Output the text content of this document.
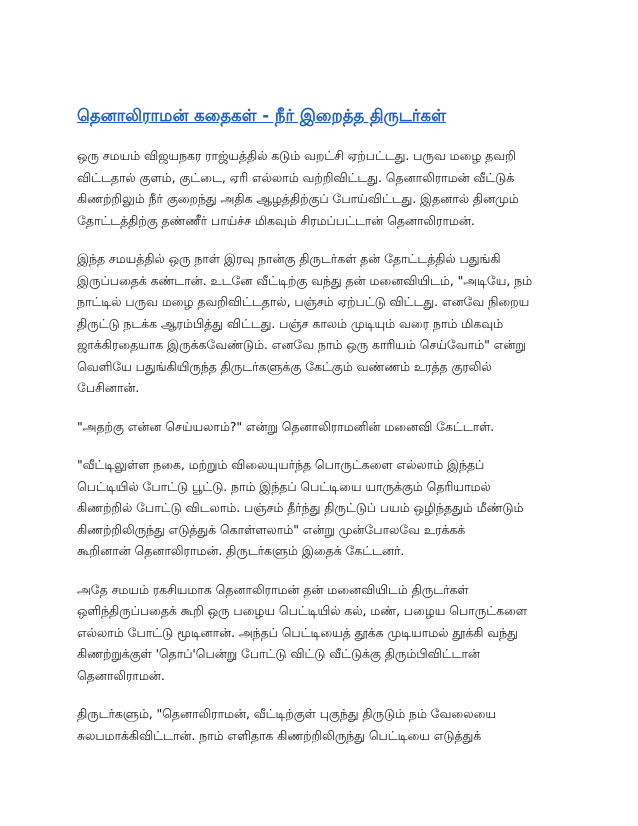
தெனாலிராமன் கதைகள் - நீர் இறைத்த திருடர்கள்
ஒரு சமயம் விஜயநகர ராஜ்யத்தில் கடும் வறட்சி ஏற்பட்டது. பருவ மழை தவறி
விட்டதால் குளம், குட்டை, ஏரி எல்லாம் வற்றிவிட்டது. தெனாலிராமன் வீட்டுக்
கிணற்றிலும் நீர் குறைந்து அதிக ஆழத்திற்குப் போய்விட்டது. இதனால் தினமும்
தோட்டத்திற்கு தண்ணீர் பாய்ச்ச மிகவும் சிரமப்பட்டான் தெனாலிராமன்.
இந்த சமயத்தில் ஒரு நாள் இரவு நான்கு திருடர்கள் தன் தோட்டத்தில் பதுங்கி
இருப்பதைக் கண்டான். உடனே வீட்டிற்கு வந்து தன் மனைவியிடம், "அடியே, நம்
நாட்டில் பருவ மழை தவறிவிட்டதால், பஞ்சம் ஏற்பட்டு விட்டது. எனவே நிறைய
திருட்டு நடக்க ஆரம்பித்து விட்டது. பஞ்ச காலம் முடியும் வரை நாம் மிகவும்
ஜாக்கிரதையாக இருக்கவேண்டும். எனவே நாம் ஒரு காரியம் செய்வோம்" என்று
வெளியே பதுங்கியிருந்த திருடர்களுக்கு கேட்கும் வண்ணம் உரத்த குரலில்
பேசினான்.
"அதற்கு என்ன செய்யலாம்?" என்று தெனாலிராமனின் மனைவி கேட்டாள்.
"வீட்டிலுள்ள நகை, மற்றும் விலையுயர்ந்த பொருட்களை எல்லாம் இந்தப்
பெட்டியில் போட்டு பூட்டு. நாம் இந்தப் பெட்டியை யாருக்கும் தெரியாமல்
கிணற்றில் போட்டு விடலாம். பஞ்சம் தீர்ந்து திருட்டுப் பயம் ஒழிந்ததும் மீண்டும்
கிணற்றிலிருந்து எடுத்துக் கொள்ளலாம்" என்று முன்போலவே உரக்கக்
கூறினான் தெனாலிராமன். திருடர்களும் இதைக் கேட்டனர்.
அதே சமயம் ரகசியமாக தெனாலிராமன் தன் மனைவியிடம் திருடர்கள்
ஒளிந்திருப்பதைக் கூறி ஒரு பழைய பெட்டியில் கல், மண், பழைய பொருட்களை
எல்லாம் போட்டு மூடினான். அந்தப் பெட்டியைத் தூக்க முடியாமல் தூக்கி வந்து
கிணற்றுக்குள் 'தொப்'பென்று போட்டு விட்டு வீட்டுக்கு திரும்பிவிட்டான்
தெனாலிராமன்.
திருடர்களும், "தெனாலிராமன், வீட்டிற்குள் புகுந்து திருடும் நம் வேலையை
சுலபமாக்கிவிட்டான். நாம் எளிதாக கிணற்றிலிருந்து பெட்டியை எடுத்துக்
